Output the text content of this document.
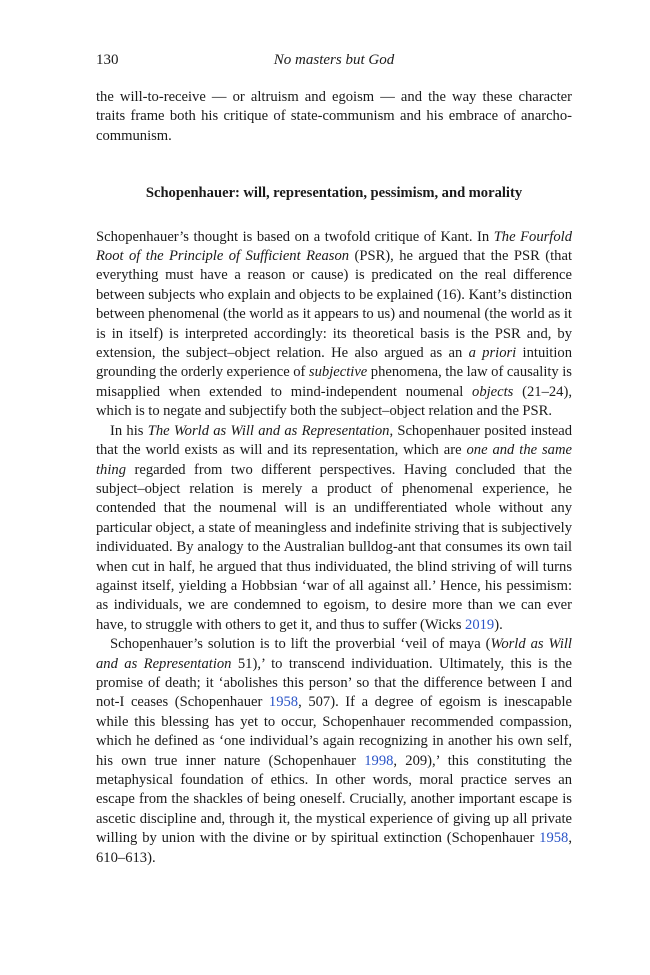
130	No masters but God

the will-to-receive — or altruism and egoism — and the way these character traits frame both his critique of state-communism and his embrace of anarcho-communism.

Schopenhauer: will, representation, pessimism, and morality

Schopenhauer’s thought is based on a twofold critique of Kant. In The Fourfold Root of the Principle of Sufficient Reason (PSR), he argued that the PSR (that everything must have a reason or cause) is predicated on the real difference between subjects who explain and objects to be explained (16). Kant’s distinction between phenomenal (the world as it appears to us) and noumenal (the world as it is in itself) is interpreted accordingly: its theoretical basis is the PSR and, by extension, the subject–object relation. He also argued as an a priori intuition grounding the orderly experience of subjective phenomena, the law of causality is misapplied when extended to mind-independent noumenal objects (21–24), which is to negate and subjectify both the subject–object relation and the PSR.

In his The World as Will and as Representation, Schopenhauer posited instead that the world exists as will and its representation, which are one and the same thing regarded from two different perspectives. Having concluded that the subject–object relation is merely a product of phenomenal experience, he contended that the noumenal will is an undifferentiated whole without any particular object, a state of meaningless and indefinite striving that is subjectively individuated. By analogy to the Australian bulldog-ant that consumes its own tail when cut in half, he argued that thus individuated, the blind striving of will turns against itself, yielding a Hobbsian ‘war of all against all.’ Hence, his pessimism: as individuals, we are condemned to egoism, to desire more than we can ever have, to struggle with others to get it, and thus to suffer (Wicks 2019).

Schopenhauer’s solution is to lift the proverbial ‘veil of maya (World as Will and as Representation 51),’ to transcend individuation. Ultimately, this is the promise of death; it ‘abolishes this person’ so that the difference between I and not-I ceases (Schopenhauer 1958, 507). If a degree of egoism is inescapable while this blessing has yet to occur, Schopenhauer recommended compassion, which he defined as ‘one individual’s again recognizing in another his own self, his own true inner nature (Schopenhauer 1998, 209),’ this constituting the metaphysical foundation of ethics. In other words, moral practice serves an escape from the shackles of being oneself. Crucially, another important escape is ascetic discipline and, through it, the mystical experience of giving up all private willing by union with the divine or by spiritual extinction (Schopenhauer 1958, 610–613).
